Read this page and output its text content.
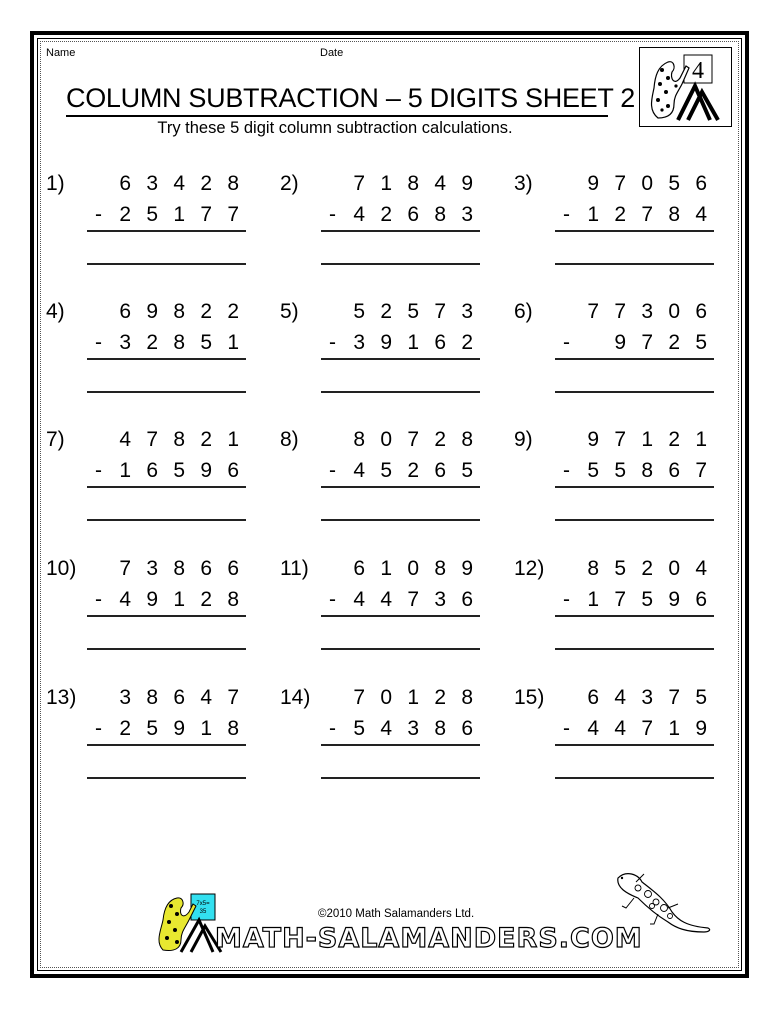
Name	Date
COLUMN SUBTRACTION – 5 DIGITS SHEET 2
Try these 5 digit column subtraction calculations.
4
1)	6 3 4 2 8
- 2 5 1 7 7
2)	7 1 8 4 9
- 4 2 6 8 3
3)	9 7 0 5 6
- 1 2 7 8 4
4)	6 9 8 2 2
- 3 2 8 5 1
5)	5 2 5 7 3
- 3 9 1 6 2
6)	7 7 3 0 6
-	9 7 2 5
7)	4 7 8 2 1
- 1 6 5 9 6
8)	8 0 7 2 8
- 4 5 2 6 5
9)	9 7 1 2 1
- 5 5 8 6 7
10)	7 3 8 6 6
- 4 9 1 2 8
11)	6 1 0 8 9
- 4 4 7 3 6
12)	8 5 2 0 4
- 1 7 5 9 6
13)	3 8 6 4 7
- 2 5 9 1 8
14)	7 0 1 2 8
- 5 4 3 8 6
15)	6 4 3 7 5
- 4 4 7 1 9
7x5=
35	©2010 Math Salamanders Ltd.
MATH-SALAMANDERS.COM
